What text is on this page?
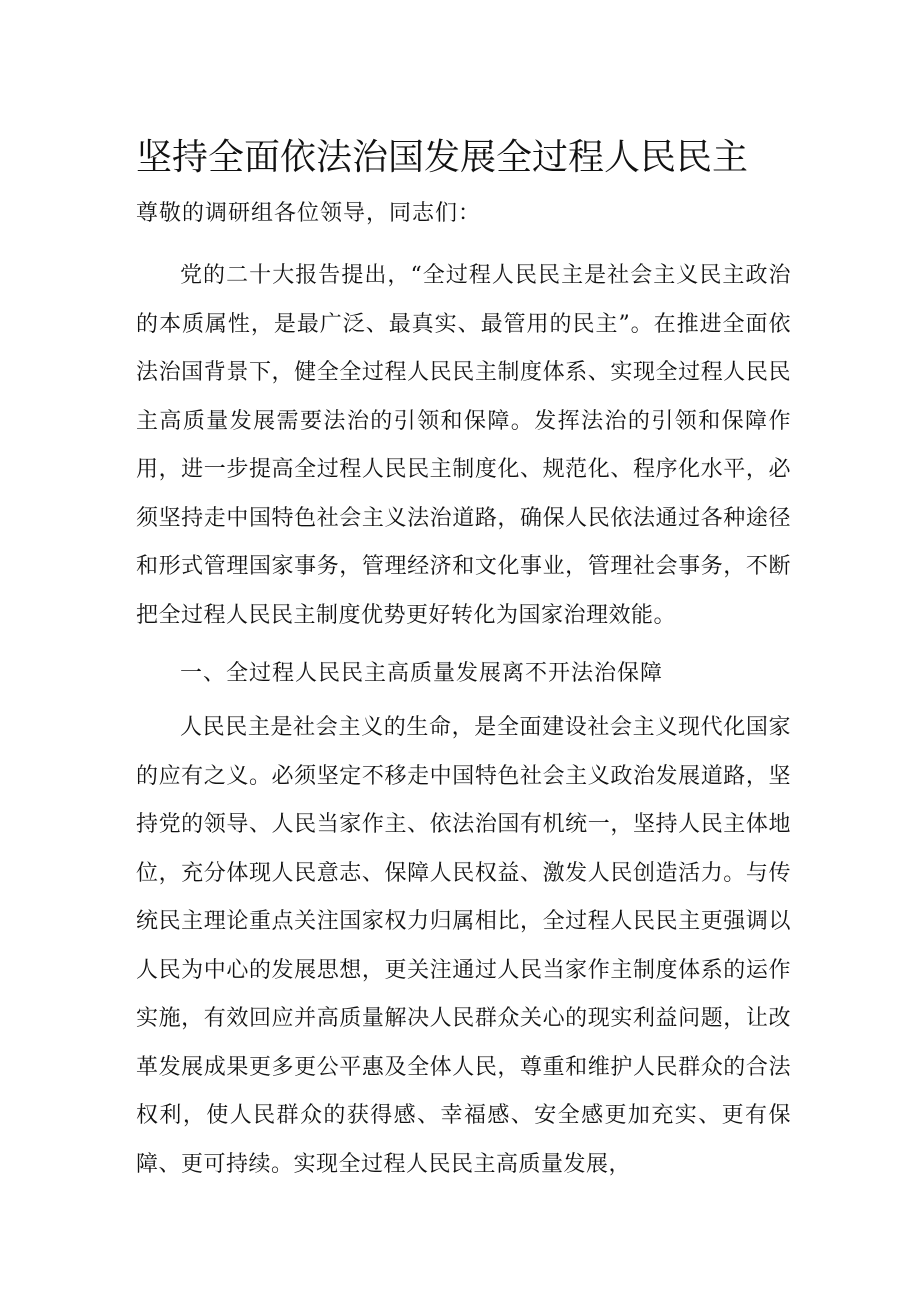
坚持全面依法治国发展全过程人民民主

尊敬的调研组各位领导，同志们：

党的二十大报告提出，“全过程人民民主是社会主义民主政治的本质属性，是最广泛、最真实、最管用的民主”。在推进全面依法治国背景下，健全全过程人民民主制度体系、实现全过程人民民主高质量发展需要法治的引领和保障。发挥法治的引领和保障作用，进一步提高全过程人民民主制度化、规范化、程序化水平，必须坚持走中国特色社会主义法治道路，确保人民依法通过各种途径和形式管理国家事务，管理经济和文化事业，管理社会事务，不断把全过程人民民主制度优势更好转化为国家治理效能。

一、全过程人民民主高质量发展离不开法治保障

人民民主是社会主义的生命，是全面建设社会主义现代化国家的应有之义。必须坚定不移走中国特色社会主义政治发展道路，坚持党的领导、人民当家作主、依法治国有机统一，坚持人民主体地位，充分体现人民意志、保障人民权益、激发人民创造活力。与传统民主理论重点关注国家权力归属相比，全过程人民民主更强调以人民为中心的发展思想，更关注通过人民当家作主制度体系的运作实施，有效回应并高质量解决人民群众关心的现实利益问题，让改革发展成果更多更公平惠及全体人民，尊重和维护人民群众的合法权利，使人民群众的获得感、幸福感、安全感更加充实、更有保障、更可持续。实现全过程人民民主高质量发展，
